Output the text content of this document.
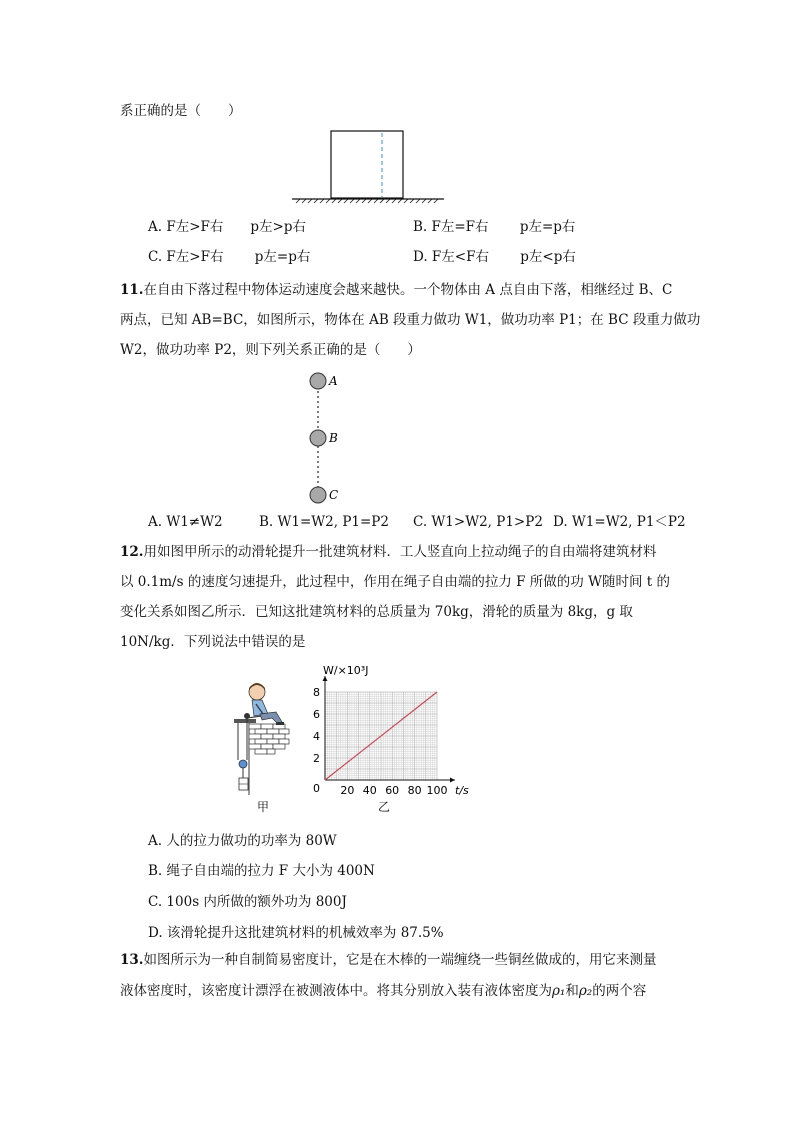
系正确的是（　　）
A. F左>F右　　p左>p右	B. F左=F右　　 p左=p右
C. F左>F右　　 p左=p右	D. F左<F右　　 p左<p右
11.在自由下落过程中物体运动速度会越来越快。一个物体由 A 点自由下落，相继经过 B、C
两点，已知 AB=BC，如图所示，物体在 AB 段重力做功 W1，做功功率 P1；在 BC 段重力做功
W2，做功功率 P2，则下列关系正确的是（　　）
A
B
C
A. W1≠W2	B. W1=W2, P1=P2 C. W1>W2, P1>P2 D. W1=W2, P1＜P2
12.用如图甲所示的动滑轮提升一批建筑材料．工人竖直向上拉动绳子的自由端将建筑材料
以 0.1m/s 的速度匀速提升，此过程中，作用在绳子自由端的拉力 F 所做的功 W随时间 t 的
变化关系如图乙所示．已知这批建筑材料的总质量为 70kg，滑轮的质量为 8kg，g 取
10N/kg．下列说法中错误的是
甲
20 40 60 80 100
2
4
6
8
0	t/s
W/×10³J
乙
A. 人的拉力做功的功率为 80W
B. 绳子自由端的拉力 F 大小为 400N
C. 100s 内所做的额外功为 800J
D. 该滑轮提升这批建筑材料的机械效率为 87.5%
13.如图所示为一种自制简易密度计，它是在木棒的一端缠绕一些铜丝做成的，用它来测量
液体密度时，该密度计漂浮在被测液体中。将其分别放入装有液体密度为ρ₁和ρ₂的两个容
